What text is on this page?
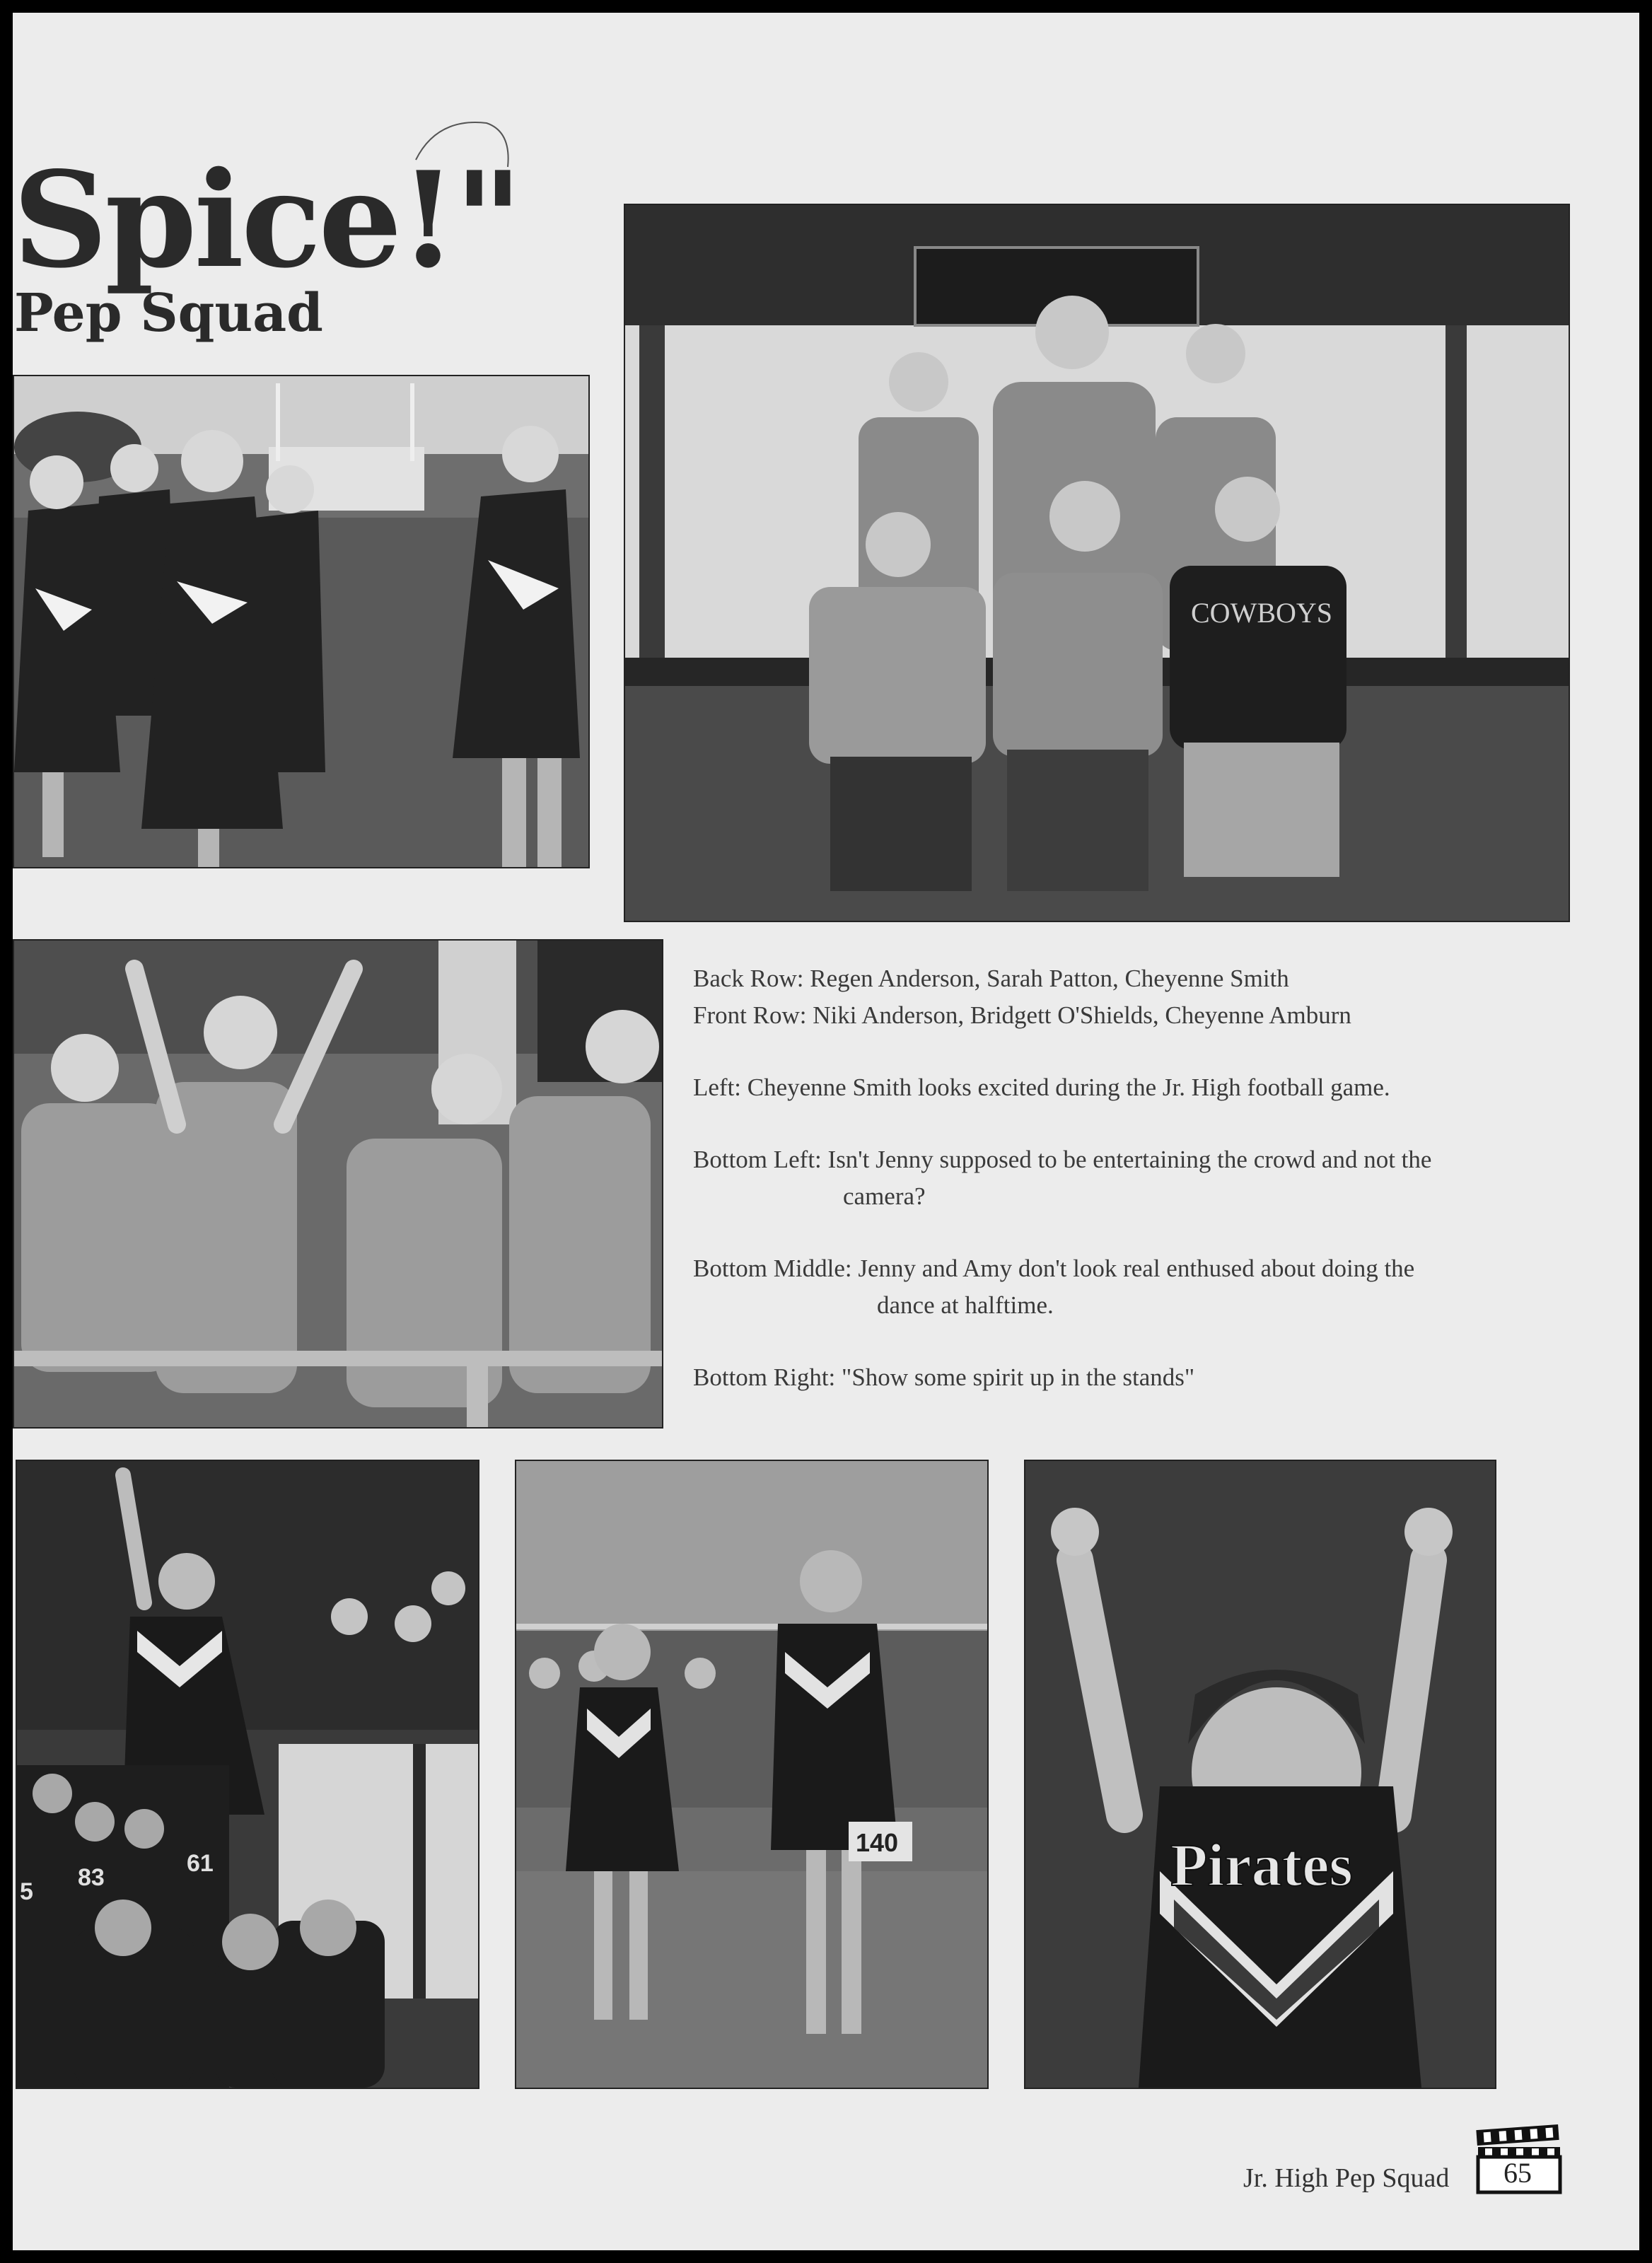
Spice!"
Pep Squad
COWBOYS
Back Row: Regen Anderson, Sarah Patton, Cheyenne Smith
Front Row: Niki Anderson, Bridgett O'Shields, Cheyenne Amburn
Left: Cheyenne Smith looks excited during the Jr. High football game.
Bottom Left: Isn't Jenny supposed to be entertaining the crowd and not the
camera?
Bottom Middle: Jenny and Amy don't look real enthused about doing the
dance at halftime.
Bottom Right: "Show some spirit up in the stands"
83
61
5
140	Pirates
Jr. High Pep Squad	65
